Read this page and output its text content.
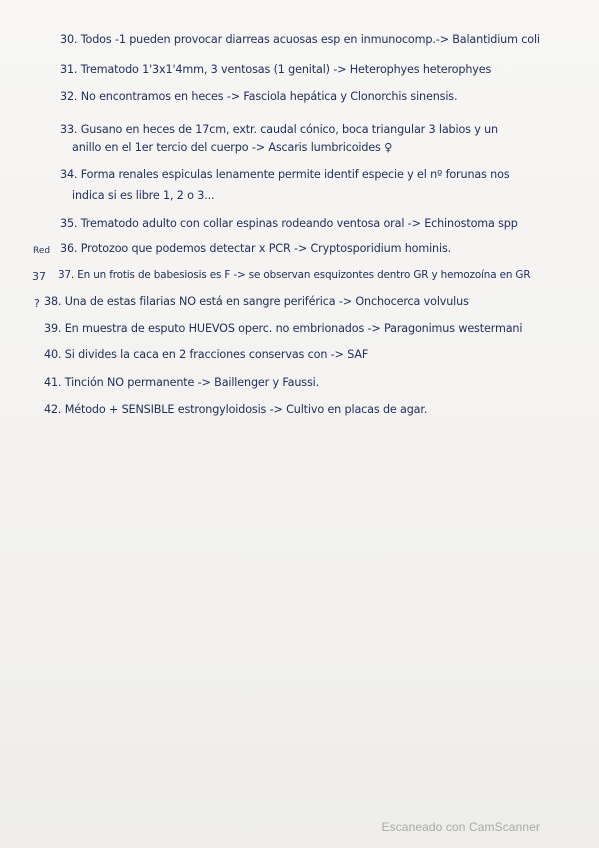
30. Todos -1 pueden provocar diarreas acuosas esp en inmunocomp.-> Balantidium coli
31. Trematodo 1'3x1'4mm, 3 ventosas (1 genital) -> Heterophyes heterophyes
32. No encontramos en heces -> Fasciola hepática y Clonorchis sinensis.
33. Gusano en heces de 17cm, extr. caudal cónico, boca triangular 3 labios y un
anillo en el 1er tercio del cuerpo -> Ascaris lumbricoides ♀
34. Forma renales espiculas lenamente permite identif especie y el nº forunas nos
indica si es libre 1, 2 o 3...
35. Trematodo adulto con collar espinas rodeando ventosa oral -> Echinostoma spp
Red 36. Protozoo que podemos detectar x PCR -> Cryptosporidium hominis.
37 37. En un frotis de babesiosis es F -> se observan esquizontes dentro GR y hemozoína en GR
? 38. Una de estas filarias NO está en sangre periférica -> Onchocerca volvulus
39. En muestra de esputo HUEVOS operc. no embrionados -> Paragonimus westermani
40. Si divides la caca en 2 fracciones conservas con -> SAF
41. Tinción NO permanente -> Baillenger y Faussi.
42. Método + SENSIBLE estrongyloidosis -> Cultivo en placas de agar.
Escaneado con CamScanner
